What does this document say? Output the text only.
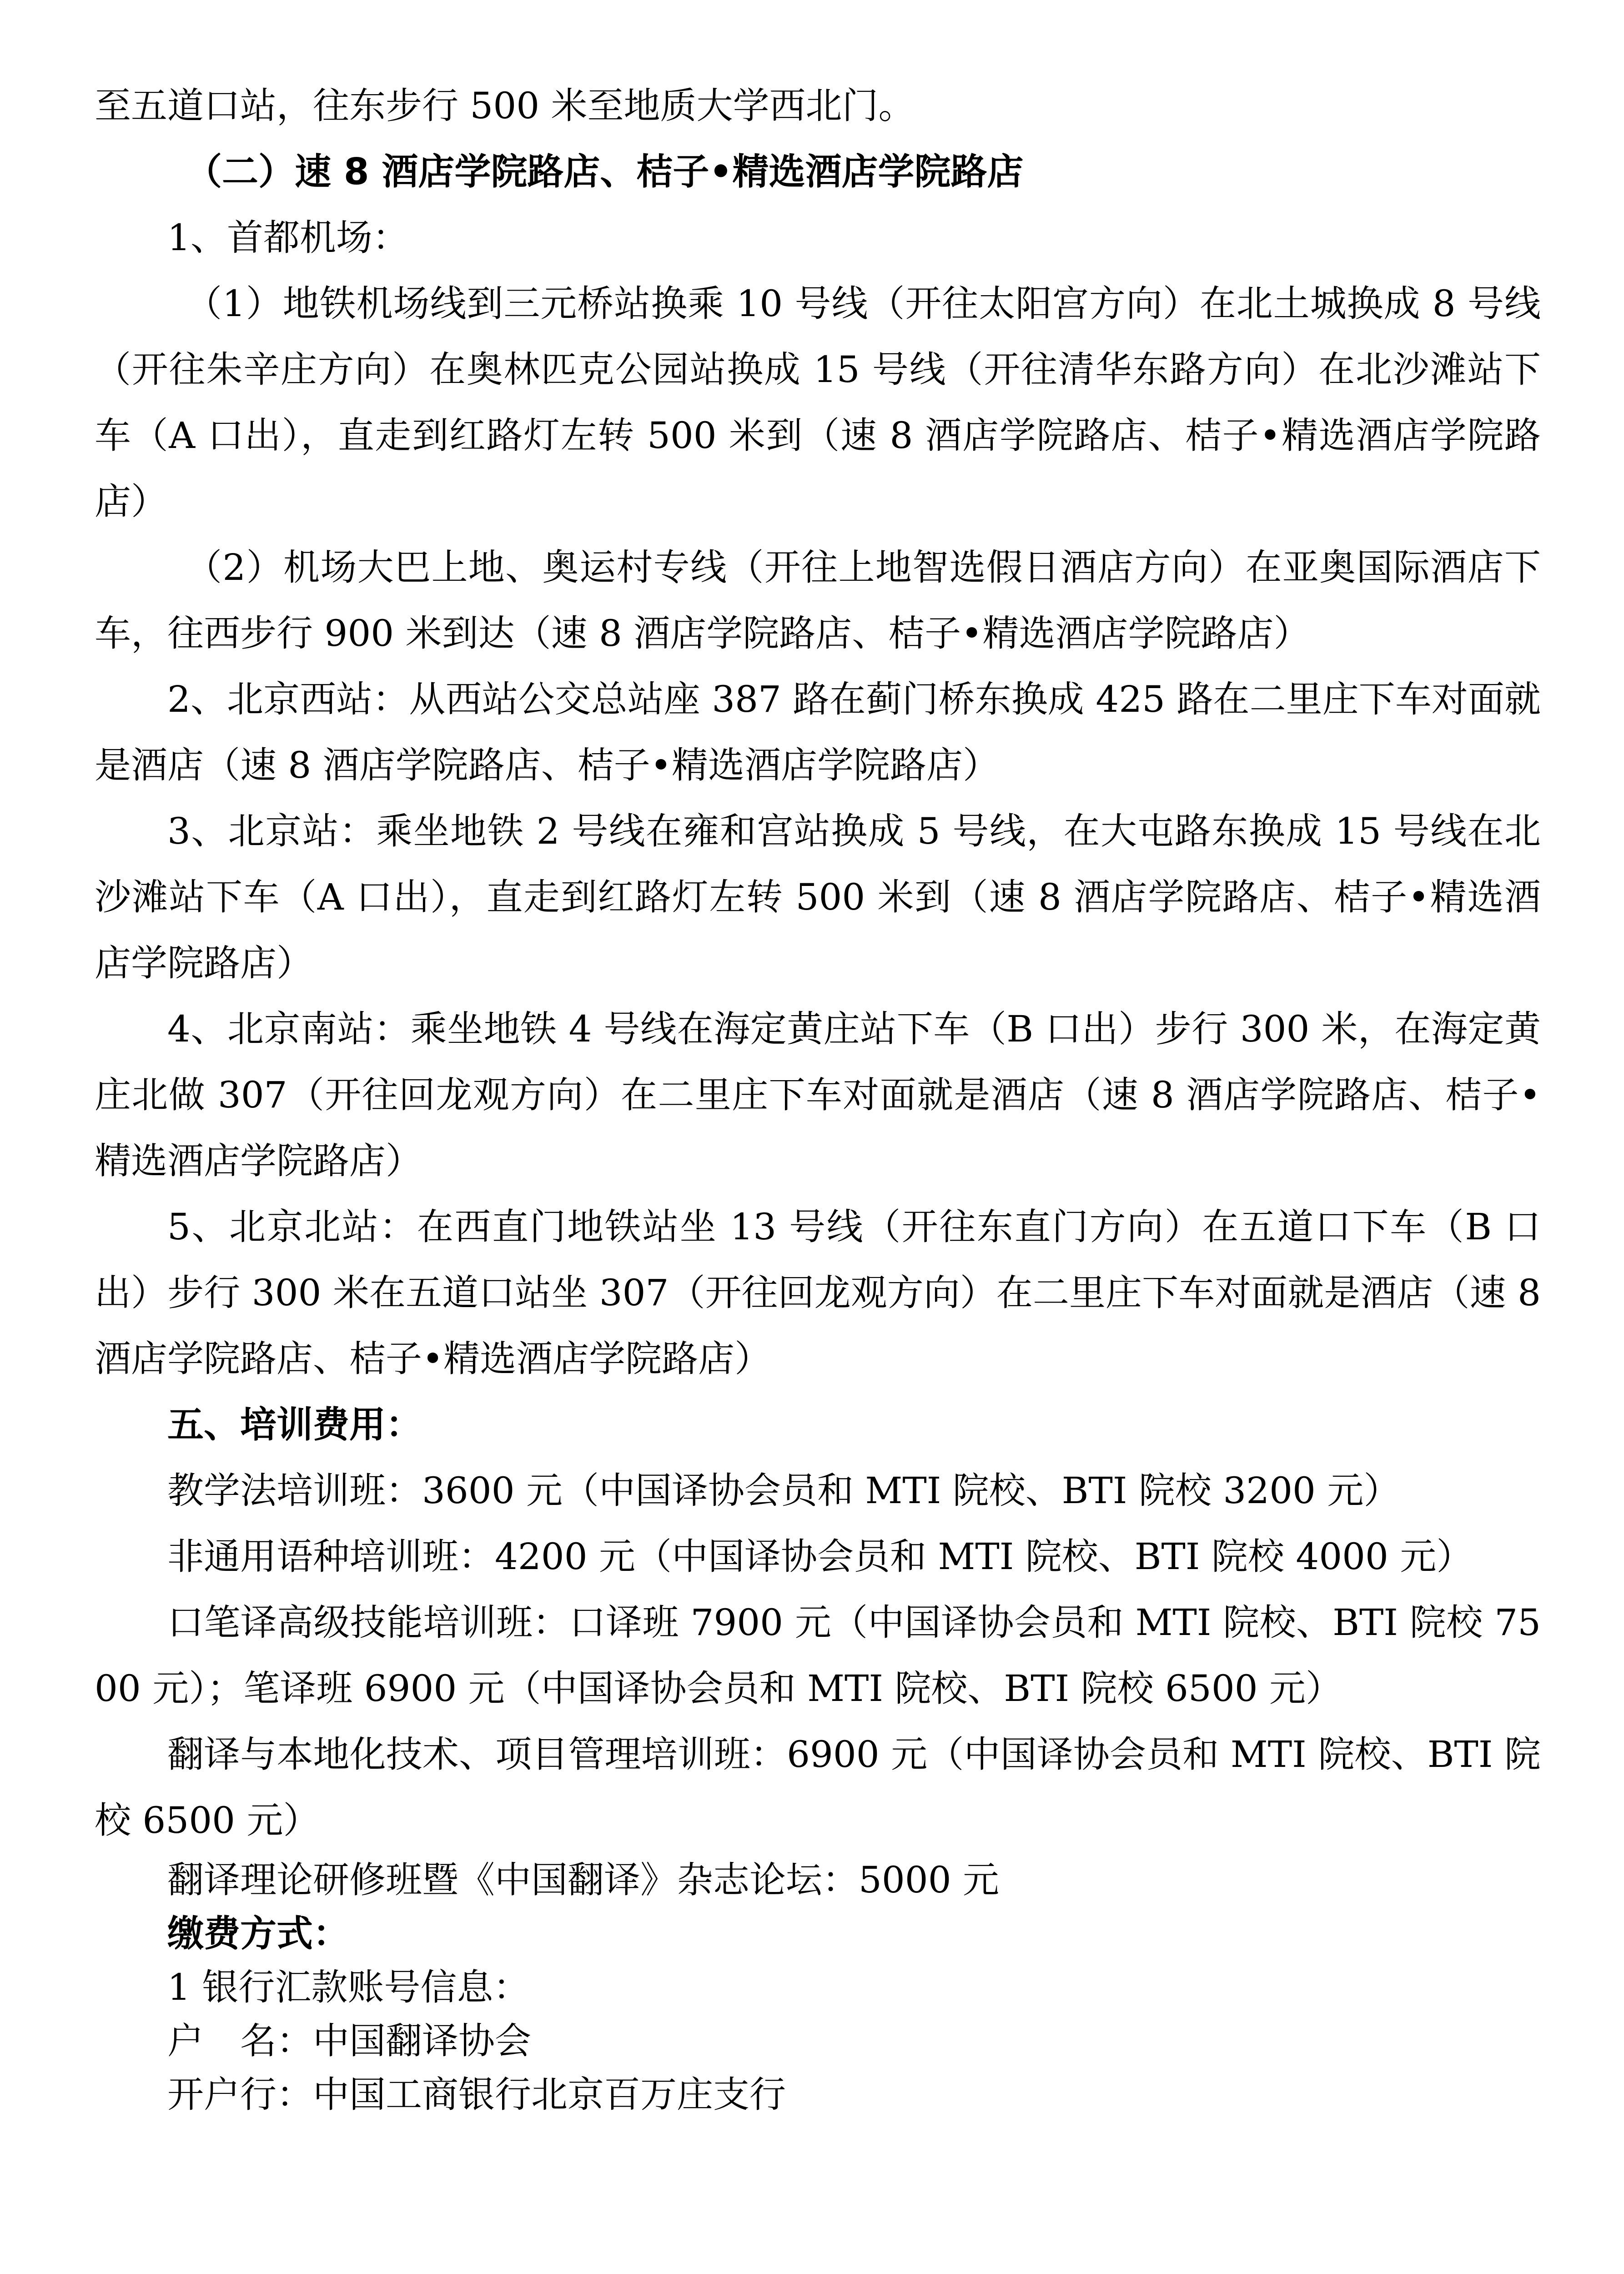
至五道口站，往东步行 500 米至地质大学西北门。

（二）速 8 酒店学院路店、桔子•精选酒店学院路店

1、首都机场：

（1）地铁机场线到三元桥站换乘 10 号线（开往太阳宫方向）在北土城换成 8 号线（开往朱辛庄方向）在奥林匹克公园站换成 15 号线（开往清华东路方向）在北沙滩站下车（A 口出），直走到红路灯左转 500 米到（速 8 酒店学院路店、桔子•精选酒店学院路店）

（2）机场大巴上地、奥运村专线（开往上地智选假日酒店方向）在亚奥国际酒店下车，往西步行 900 米到达（速 8 酒店学院路店、桔子•精选酒店学院路店）

2、北京西站：从西站公交总站座 387 路在蓟门桥东换成 425 路在二里庄下车对面就是酒店（速 8 酒店学院路店、桔子•精选酒店学院路店）

3、北京站：乘坐地铁 2 号线在雍和宫站换成 5 号线，在大屯路东换成 15 号线在北沙滩站下车（A 口出），直走到红路灯左转 500 米到（速 8 酒店学院路店、桔子•精选酒店学院路店）

4、北京南站：乘坐地铁 4 号线在海定黄庄站下车（B 口出）步行 300 米，在海定黄庄北做 307（开往回龙观方向）在二里庄下车对面就是酒店（速 8 酒店学院路店、桔子•精选酒店学院路店）

5、北京北站：在西直门地铁站坐 13 号线（开往东直门方向）在五道口下车（B 口出）步行 300 米在五道口站坐 307（开往回龙观方向）在二里庄下车对面就是酒店（速 8 酒店学院路店、桔子•精选酒店学院路店）

五、培训费用：

教学法培训班：3600 元（中国译协会员和 MTI 院校、BTI 院校 3200 元）

非通用语种培训班：4200 元（中国译协会员和 MTI 院校、BTI 院校 4000 元）

口笔译高级技能培训班：口译班 7900 元（中国译协会员和 MTI 院校、BTI 院校 7500 元）；笔译班 6900 元（中国译协会员和 MTI 院校、BTI 院校 6500 元）

翻译与本地化技术、项目管理培训班：6900 元（中国译协会员和 MTI 院校、BTI 院校 6500 元）

翻译理论研修班暨《中国翻译》杂志论坛：5000 元

缴费方式：

1 银行汇款账号信息：

户　名：中国翻译协会

开户行：中国工商银行北京百万庄支行
